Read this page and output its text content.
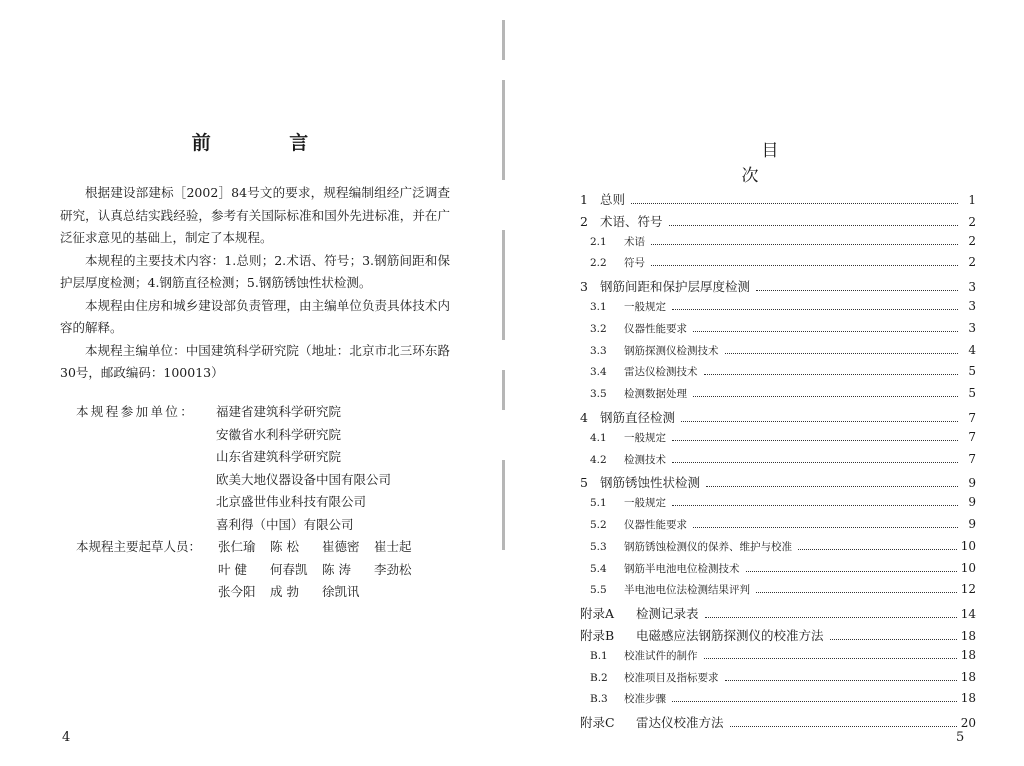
前 言

根据建设部建标［2002］84号文的要求，规程编制组经广泛调查研究，认真总结实践经验，参考有关国际标准和国外先进标准，并在广泛征求意见的基础上，制定了本规程。

本规程的主要技术内容：1.总则；2.术语、符号；3.钢筋间距和保护层厚度检测；4.钢筋直径检测；5.钢筋锈蚀性状检测。

本规程由住房和城乡建设部负责管理，由主编单位负责具体技术内容的解释。

本规程主编单位：中国建筑科学研究院（地址：北京市北三环东路30号，邮政编码：100013）

本规程参加单位：	福建省建筑科学研究院
安徽省水利科学研究院
山东省建筑科学研究院
欧美大地仪器设备中国有限公司
北京盛世伟业科技有限公司
喜利得（中国）有限公司
本规程主要起草人员：	张仁瑜	陈 松	崔德密	崔士起
叶 健	何春凯	陈 涛	李劲松
张今阳	成 勃	徐凯讯
4
目 次
1 总则	1
2 术语、符号	2
2.1	术语	2
2.2	符号	2
3 钢筋间距和保护层厚度检测	3
3.1	一般规定	3
3.2	仪器性能要求	3
3.3	钢筋探测仪检测技术	4
3.4	雷达仪检测技术	5
3.5	检测数据处理	5
4 钢筋直径检测	7
4.1	一般规定	7
4.2	检测技术	7
5 钢筋锈蚀性状检测	9
5.1	一般规定	9
5.2	仪器性能要求	9
5.3	钢筋锈蚀检测仪的保养、维护与校准	10
5.4	钢筋半电池电位检测技术	10
5.5	半电池电位法检测结果评判	12
附录A	检测记录表	14
附录B	电磁感应法钢筋探测仪的校准方法	18
B.1	校准试件的制作	18
B.2	校准项目及指标要求	18
B.3	校准步骤	18
附录C	雷达仪校准方法	20
5
